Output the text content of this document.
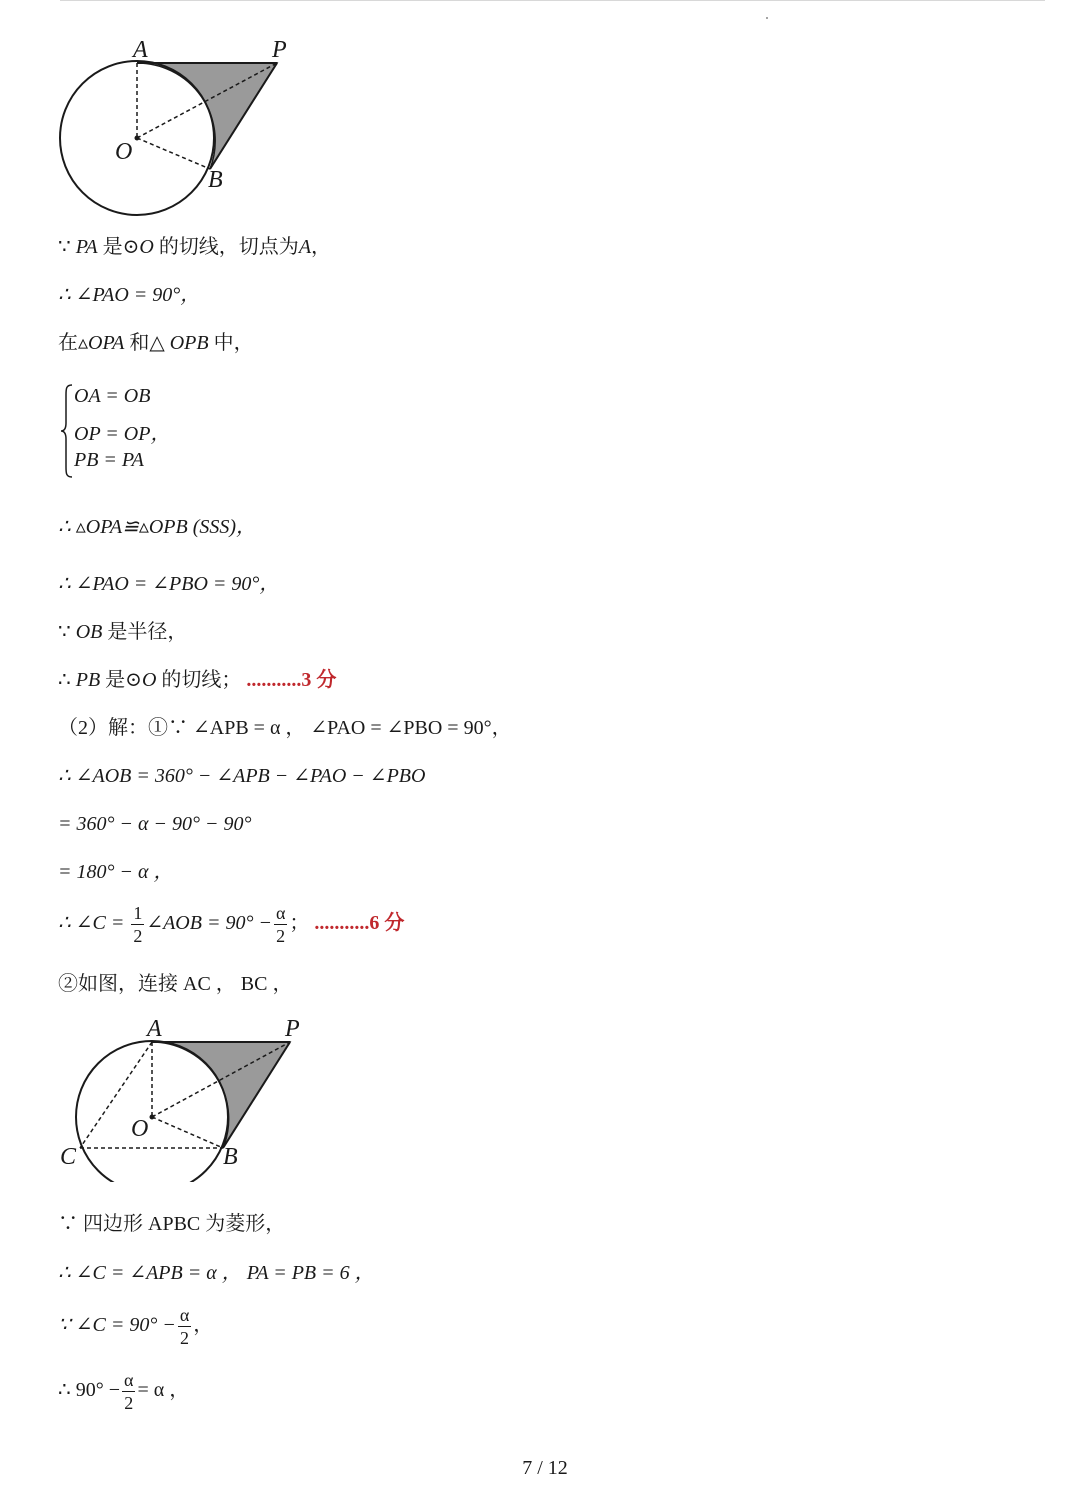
A	P
O
B
∵ PA 是⊙O 的切线，切点为A，
∴ ∠PAO = 90°，
在▵OPA 和△ OPB 中，
OA = OB
OP = OP，
PB = PA
∴ ▵OPA≌▵OPB (SSS)，
∴ ∠PAO = ∠PBO = 90°，
∵ OB 是半径，
∴ PB 是⊙O 的切线； ...........3 分
（2）解：①∵ ∠APB = α ， ∠PAO = ∠PBO = 90°，
∴ ∠AOB = 360° − ∠APB − ∠PAO − ∠PBO
= 360° − α − 90° − 90°
= 180° − α ，
∴ ∠C = $\frac{1}{2}$ ∠AOB = $90^\circ - \frac{\alpha}{2}$ ； ...........6 分
②如图，连接 AC ， BC ，
A	P
O
B
C
∵ 四边形 APBC 为菱形，
∴ ∠C = ∠APB = α ， PA = PB = 6 ，
∵ ∠C = $90^\circ - \frac{\alpha}{2}$ ，
∴ $90^\circ - \frac{\alpha}{2} = \alpha$ ，
7 / 12
